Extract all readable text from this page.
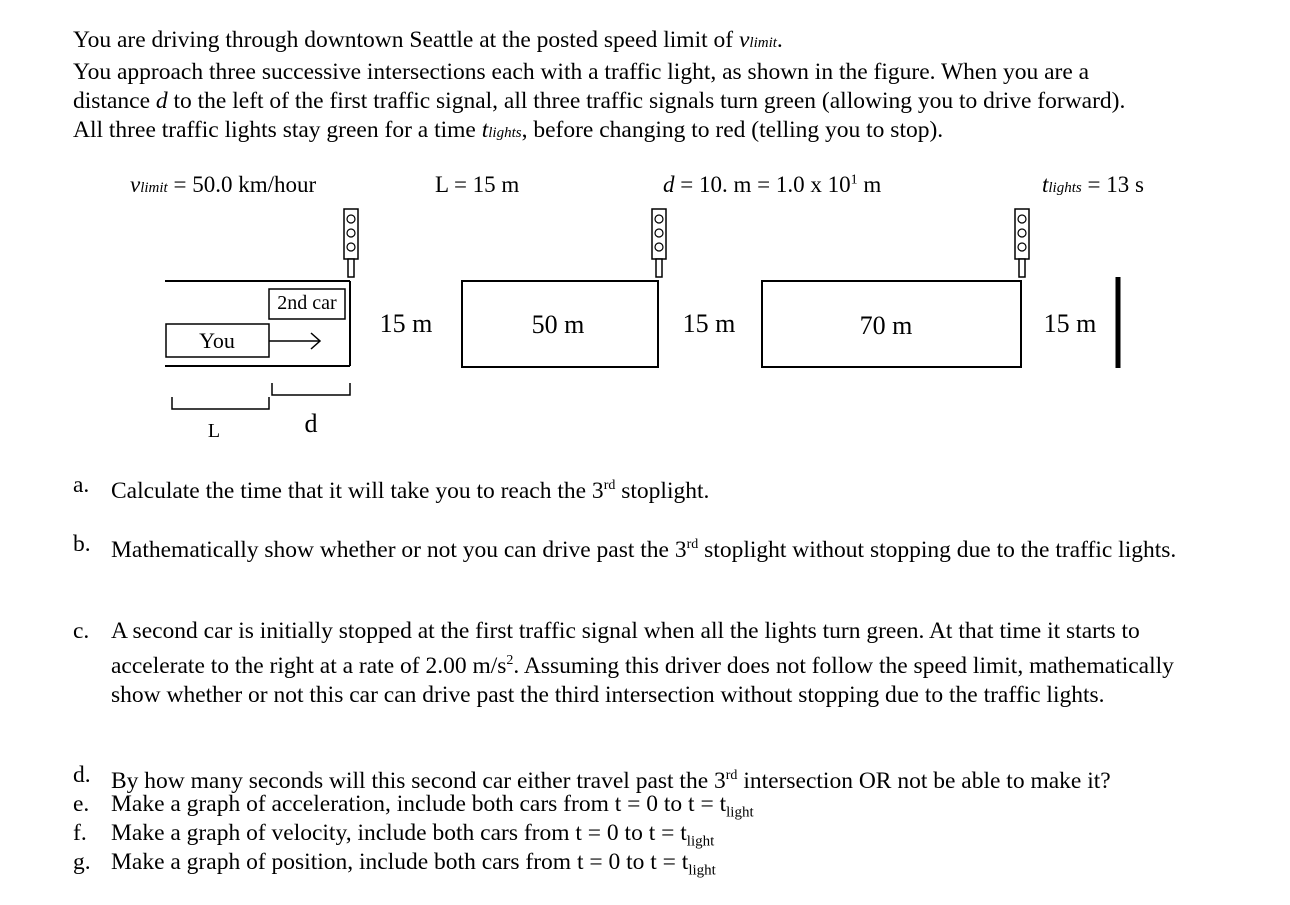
You are driving through downtown Seattle at the posted speed limit of vlimit.

You approach three successive intersections each with a traffic light, as shown in the figure. When you are a

distance d to the left of the first traffic signal, all three traffic signals turn green (allowing you to drive forward).

All three traffic lights stay green for a time tlights, before changing to red (telling you to stop).

vlimit = 50.0 km/hour	L = 15 m	d = 10. m = 1.0 x $10^1$ m	tlights = 13 s
2nd car
You
15 m	50 m	15 m	70 m	15 m
L	d
a. Calculate the time that it will take you to reach the 3rd stoplight.
b. Mathematically show whether or not you can drive past the 3rd stoplight without stopping due to the traffic lights.
c. A second car is initially stopped at the first traffic signal when all the lights turn green. At that time it starts to accelerate to the right at a rate of 2.00 $m/s^2$. Assuming this driver does not follow the speed limit, mathematically show whether or not this car can drive past the third intersection without stopping due to the traffic lights.
d. By how many seconds will this second car either travel past the 3rd intersection OR not be able to make it?
e. Make a graph of acceleration, include both cars from t = 0 to $t = t_{light}$
f. Make a graph of velocity, include both cars from t = 0 to $t = t_{light}$
g. Make a graph of position, include both cars from t = 0 to $t = t_{light}$
